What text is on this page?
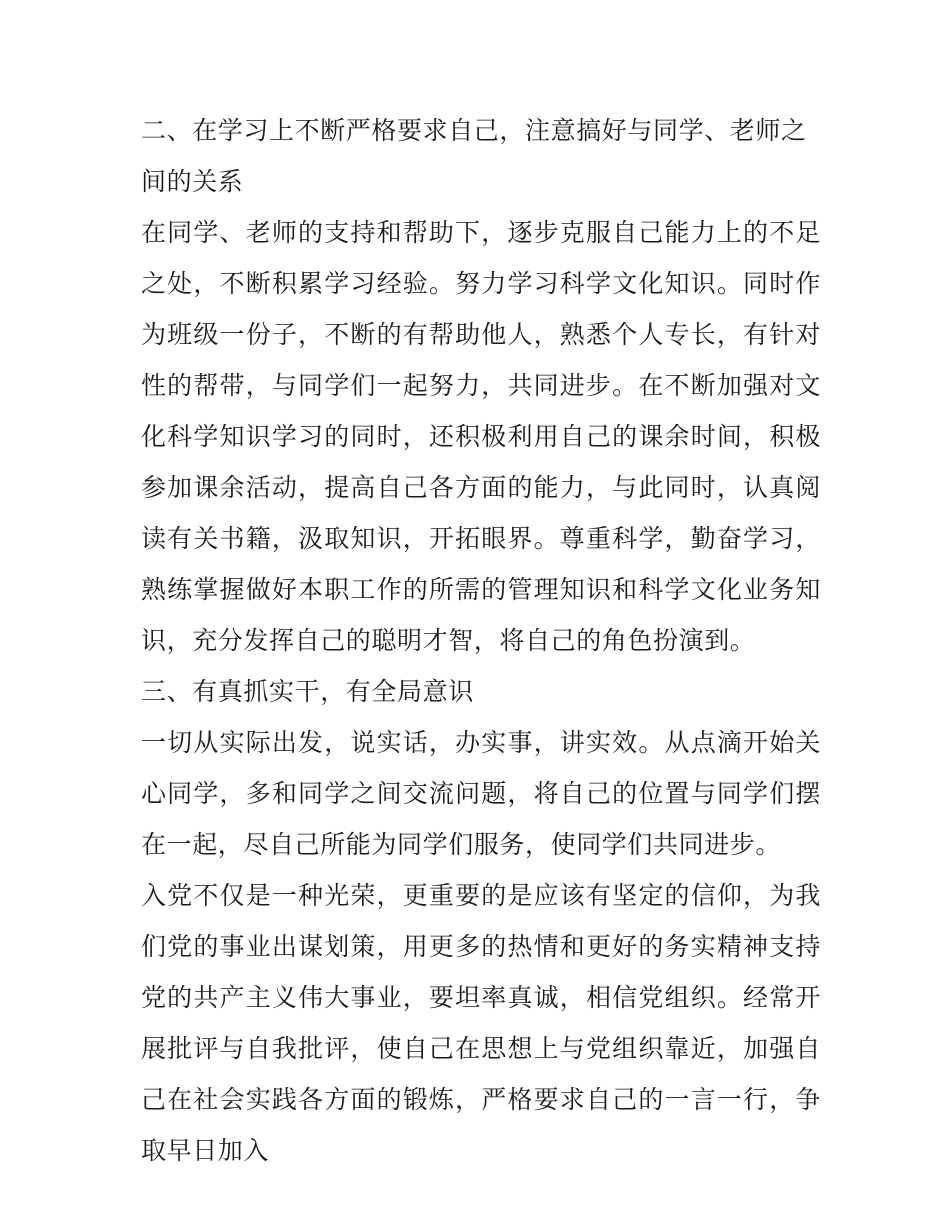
二、在学习上不断严格要求自己，注意搞好与同学、老师之间的关系

在同学、老师的支持和帮助下，逐步克服自己能力上的不足之处，不断积累学习经验。努力学习科学文化知识。同时作为班级一份子，不断的有帮助他人，熟悉个人专长，有针对性的帮带，与同学们一起努力，共同进步。在不断加强对文化科学知识学习的同时，还积极利用自己的课余时间，积极参加课余活动，提高自己各方面的能力，与此同时，认真阅读有关书籍，汲取知识，开拓眼界。尊重科学，勤奋学习，熟练掌握做好本职工作的所需的管理知识和科学文化业务知识，充分发挥自己的聪明才智，将自己的角色扮演到。

三、有真抓实干，有全局意识

一切从实际出发，说实话，办实事，讲实效。从点滴开始关心同学，多和同学之间交流问题，将自己的位置与同学们摆在一起，尽自己所能为同学们服务，使同学们共同进步。

入党不仅是一种光荣，更重要的是应该有坚定的信仰，为我们党的事业出谋划策，用更多的热情和更好的务实精神支持党的共产主义伟大事业，要坦率真诚，相信党组织。经常开展批评与自我批评，使自己在思想上与党组织靠近，加强自己在社会实践各方面的锻炼，严格要求自己的一言一行，争取早日加入
